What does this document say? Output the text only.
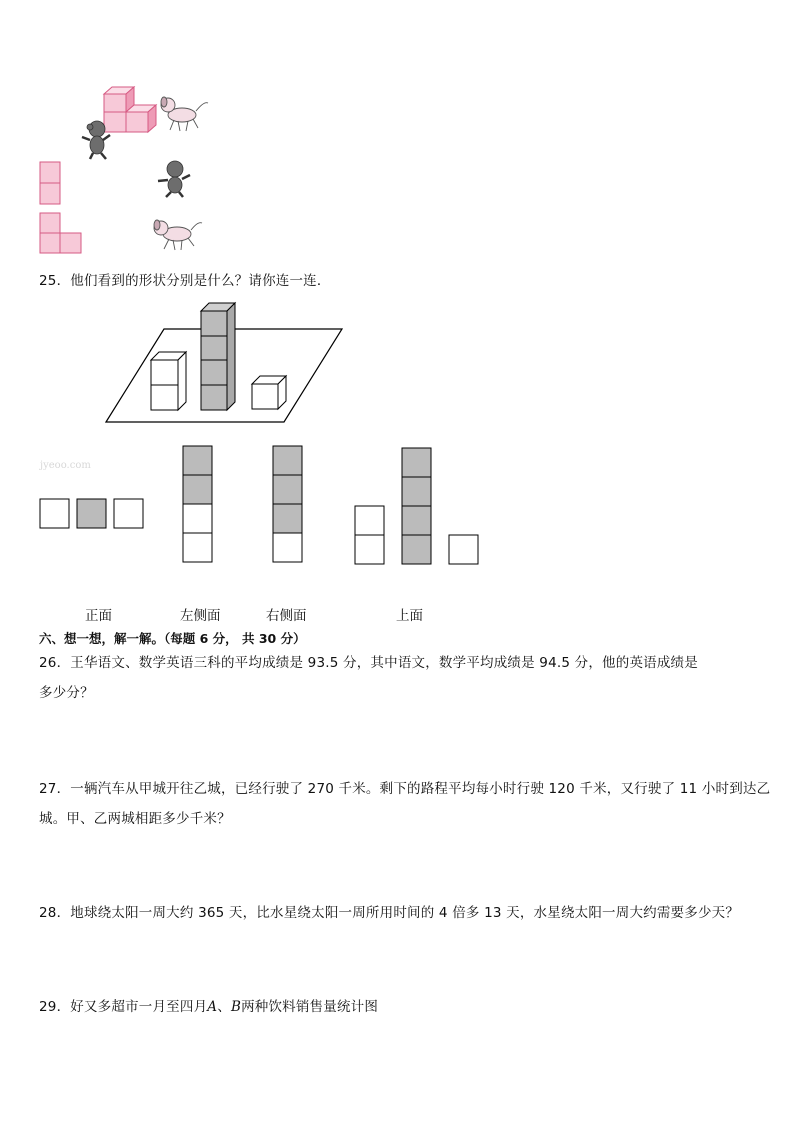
25．他们看到的形状分别是什么？请你连一连．
jyeoo.com
正面	左侧面	右侧面	上面
六、想一想，解一解。（每题 6 分， 共 30 分）
26．王华语文、数学英语三科的平均成绩是 93.5 分，其中语文，数学平均成绩是 94.5 分，他的英语成绩是
多少分？
27．一辆汽车从甲城开往乙城，已经行驶了 270 千米。剩下的路程平均每小时行驶 120 千米，又行驶了 11 小时到达乙
城。甲、乙两城相距多少千米？
28．地球绕太阳一周大约 365 天，比水星绕太阳一周所用时间的 4 倍多 13 天，水星绕太阳一周大约需要多少天？
29．好又多超市一月至四月A、B两种饮料销售量统计图
